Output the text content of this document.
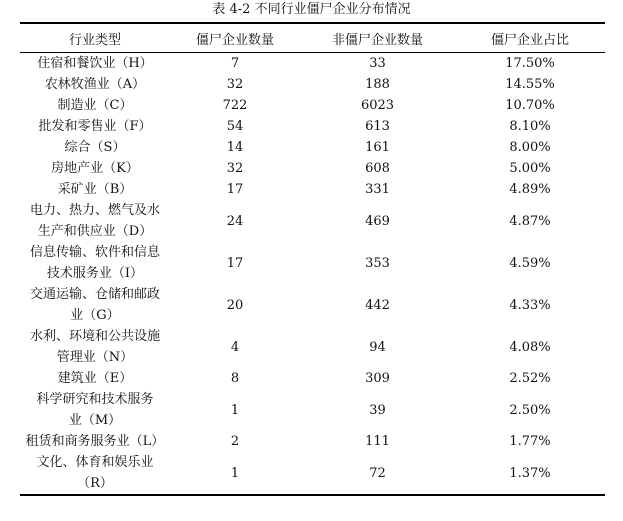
表 4-2 不同行业僵尸企业分布情况
行业类型	僵尸企业数量	非僵尸企业数量	僵尸企业占比

住宿和餐饮业（H）	7	33	17.50%

农林牧渔业（A）	32	188	14.55%

制造业（C）	722	6023	10.70%

批发和零售业（F）	54	613	8.10%

综合（S）	14	161	8.00%

房地产业（K）	32	608	5.00%

采矿业（B）	17	331	4.89%

电力、热力、燃气及水
生产和供应业（D）	24	469	4.87%

信息传输、软件和信息
技术服务业（I）	17	353	4.59%

交通运输、仓储和邮政
业（G）	20	442	4.33%

水利、环境和公共设施
管理业（N）	4	94	4.08%

建筑业（E）	8	309	2.52%

科学研究和技术服务
业（M）	1	39	2.50%

租赁和商务服务业（L）	2	111	1.77%

文化、体育和娱乐业
（R）	1	72	1.37%
